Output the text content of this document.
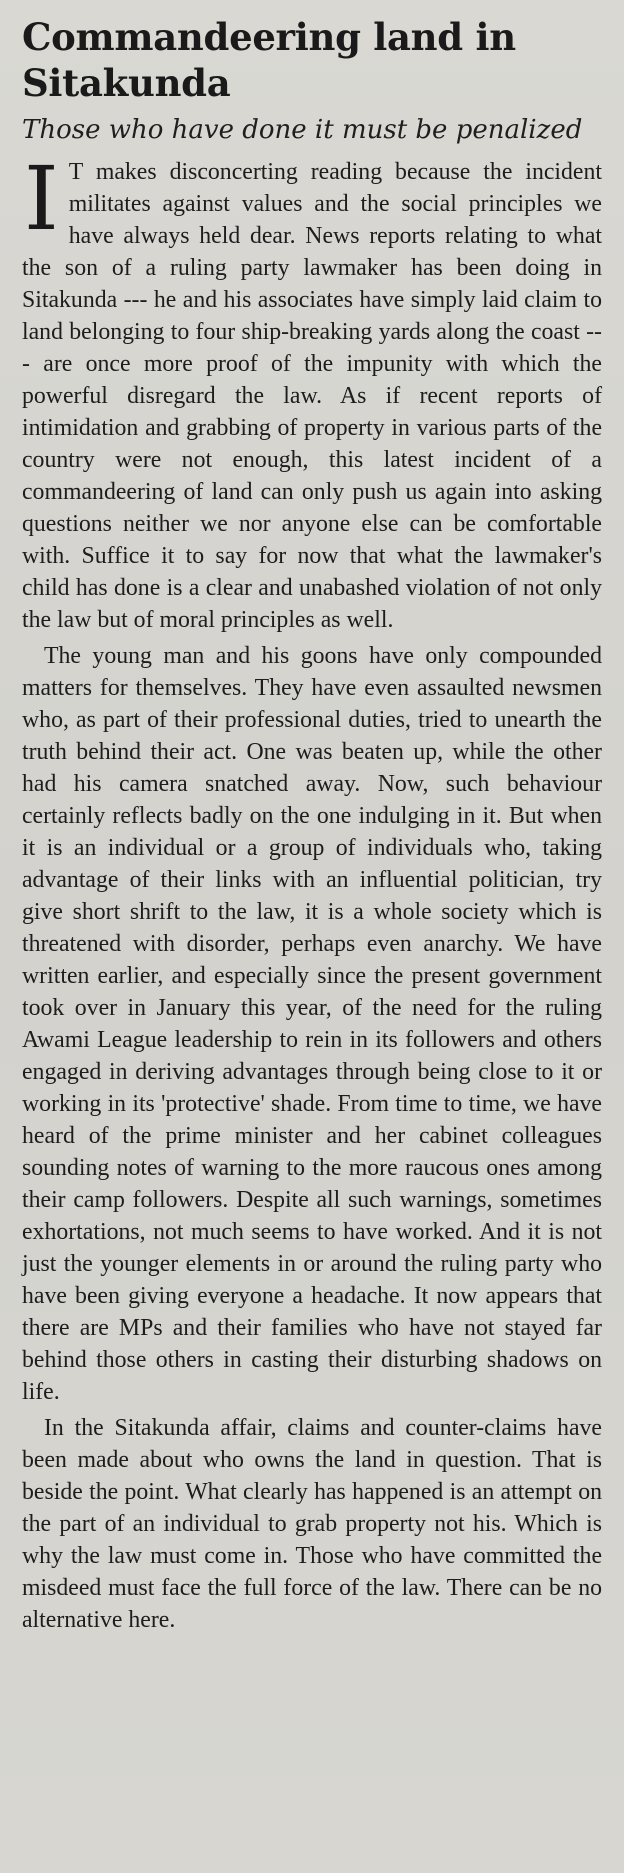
Commandeering land in Sitakunda
Those who have done it must be penalized

I T makes disconcerting reading because the incident militates against values and the social principles we have always held dear. News reports relating to what the son of a ruling party lawmaker has been doing in Sitakunda --- he and his associates have simply laid claim to land belonging to four ship-breaking yards along the coast --- are once more proof of the impunity with which the powerful disregard the law. As if recent reports of intimidation and grabbing of property in various parts of the country were not enough, this latest incident of a commandeering of land can only push us again into asking questions neither we nor anyone else can be comfortable with. Suffice it to say for now that what the lawmaker's child has done is a clear and unabashed violation of not only the law but of moral principles as well.

The young man and his goons have only compounded matters for themselves. They have even assaulted newsmen who, as part of their professional duties, tried to unearth the truth behind their act. One was beaten up, while the other had his camera snatched away. Now, such behaviour certainly reflects badly on the one indulging in it. But when it is an individual or a group of individuals who, taking advantage of their links with an influential politician, try give short shrift to the law, it is a whole society which is threatened with disorder, perhaps even anarchy. We have written earlier, and especially since the present government took over in January this year, of the need for the ruling Awami League leadership to rein in its followers and others engaged in deriving advantages through being close to it or working in its 'protective' shade. From time to time, we have heard of the prime minister and her cabinet colleagues sounding notes of warning to the more raucous ones among their camp followers. Despite all such warnings, sometimes exhortations, not much seems to have worked. And it is not just the younger elements in or around the ruling party who have been giving everyone a headache. It now appears that there are MPs and their families who have not stayed far behind those others in casting their disturbing shadows on life.

In the Sitakunda affair, claims and counter-claims have been made about who owns the land in question. That is beside the point. What clearly has happened is an attempt on the part of an individual to grab property not his. Which is why the law must come in. Those who have committed the misdeed must face the full force of the law. There can be no alternative here.
